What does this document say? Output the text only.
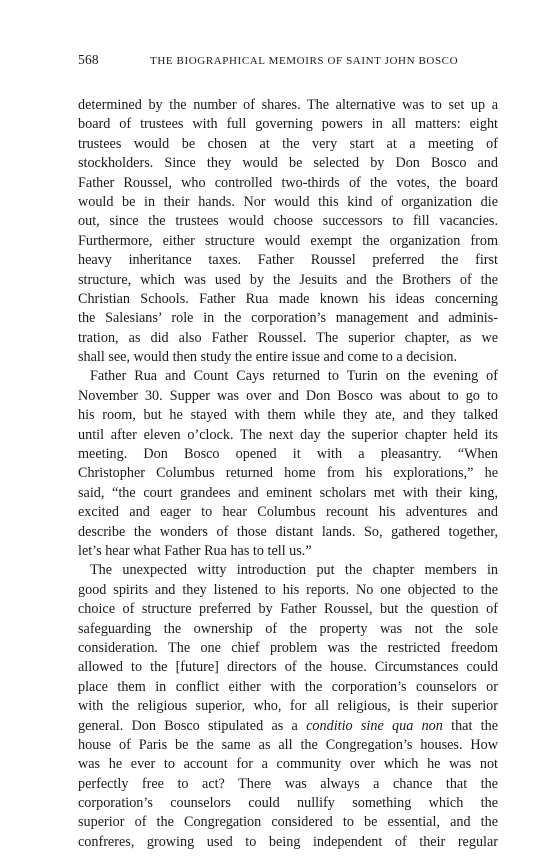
568	THE BIOGRAPHICAL MEMOIRS OF SAINT JOHN BOSCO
determined by the number of shares. The alternative was to set up a
board of trustees with full governing powers in all matters: eight
trustees would be chosen at the very start at a meeting of
stockholders. Since they would be selected by Don Bosco and
Father Roussel, who controlled two-thirds of the votes, the board
would be in their hands. Nor would this kind of organization die
out, since the trustees would choose successors to fill vacancies.
Furthermore, either structure would exempt the organization from
heavy inheritance taxes. Father Roussel preferred the first
structure, which was used by the Jesuits and the Brothers of the
Christian Schools. Father Rua made known his ideas concerning
the Salesians’ role in the corporation’s management and adminis-
tration, as did also Father Roussel. The superior chapter, as we
shall see, would then study the entire issue and come to a decision.
Father Rua and Count Cays returned to Turin on the evening of
November 30. Supper was over and Don Bosco was about to go to
his room, but he stayed with them while they ate, and they talked
until after eleven o’clock. The next day the superior chapter held its
meeting. Don Bosco opened it with a pleasantry. “When
Christopher Columbus returned home from his explorations,” he
said, “the court grandees and eminent scholars met with their king,
excited and eager to hear Columbus recount his adventures and
describe the wonders of those distant lands. So, gathered together,
let’s hear what Father Rua has to tell us.”
The unexpected witty introduction put the chapter members in
good spirits and they listened to his reports. No one objected to the
choice of structure preferred by Father Roussel, but the question of
safeguarding the ownership of the property was not the sole
consideration. The one chief problem was the restricted freedom
allowed to the [future] directors of the house. Circumstances could
place them in conflict either with the corporation’s counselors or
with the religious superior, who, for all religious, is their superior
general. Don Bosco stipulated as a conditio sine qua non that the
house of Paris be the same as all the Congregation’s houses. How
was he ever to account for a community over which he was not
perfectly free to act? There was always a chance that the
corporation’s counselors could nullify something which the
superior of the Congregation considered to be essential, and the
confreres, growing used to being independent of their regular
